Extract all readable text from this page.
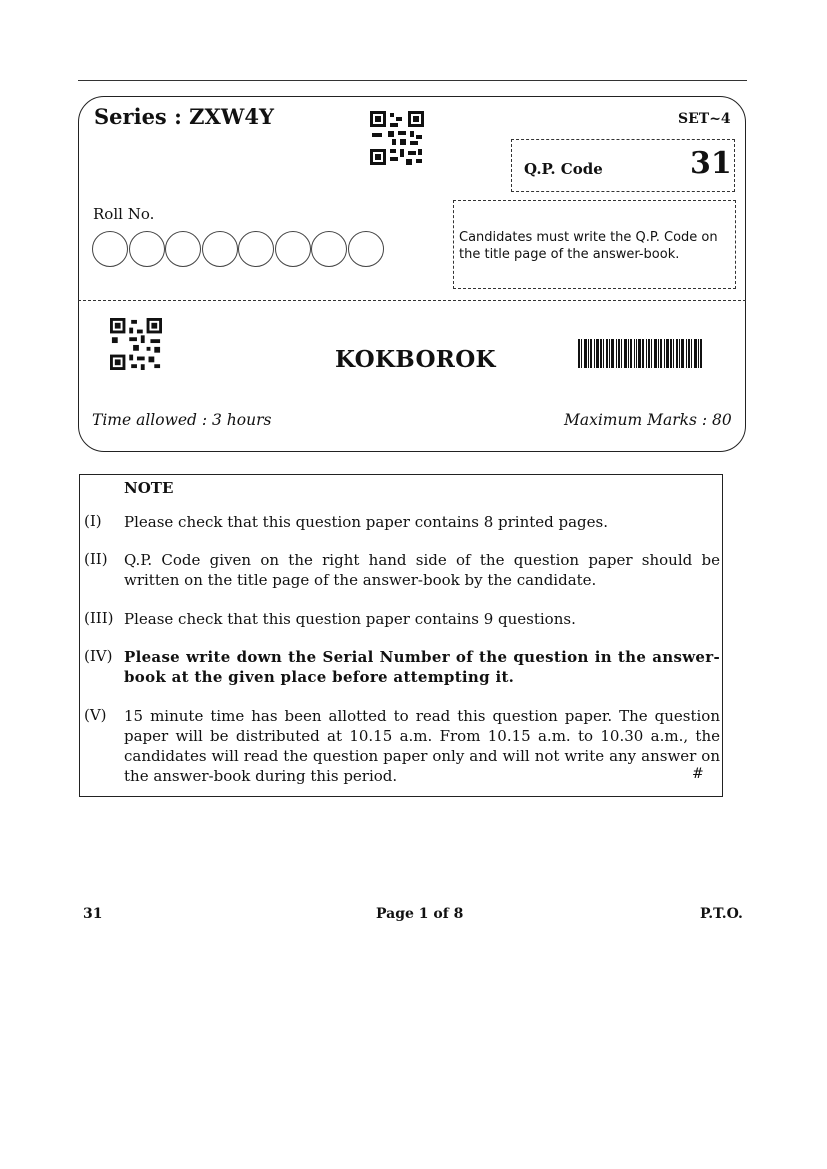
Series : ZXW4Y	SET~4
Q.P. Code	31
Roll No.
Candidates must write the Q.P. Code on the title page of the answer-book.
KOKBOROK
Time allowed : 3 hours	Maximum Marks : 80
NOTE
(I) Please check that this question paper contains 8 printed pages.
(II) Q.P. Code given on the right hand side of the question paper should be written on the title page of the answer-book by the candidate.
(III) Please check that this question paper contains 9 questions.
(IV) Please write down the Serial Number of the question in the answer-book at the given place before attempting it.
(V) 15 minute time has been allotted to read this question paper. The question paper will be distributed at 10.15 a.m. From 10.15 a.m. to 10.30 a.m., the candidates will read the question paper only and will not write any answer on the answer-book during this period.	#
31	Page 1 of 8	P.T.O.
